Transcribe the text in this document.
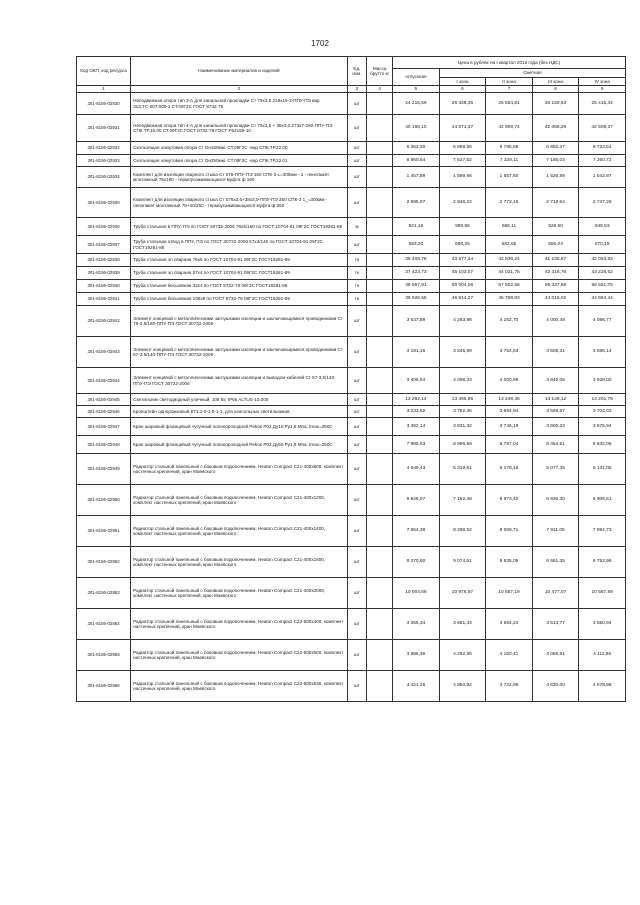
1702
Код ОКП, код ресурса	Наименование материалов и изделий	Ед. изм.	Масса брутто кг	Цена в рублях на I квартал 2016 года (без НДС)				
				отпускная	Сметная			
					I зона	II зона	III зона	IV зона
1	2	3	4	5	6	7	8	9
301-8156-02930	Неподвижная опора тип 3-А для канальной прокладки Ст 76х3,5 219х15-2-ППУ-ПЭ вар 313.ТС-007.000-1 СТ.09Г2С ГОСТ 8732-78	шт		24 215,69	28 348,35	25 654,81	25 150,53	25 415,44
301-8156-02931	Неподвижная опора тип 4-А для канальной прокладки Ст 76х3,5 + 38х3,0 273х7-250-ППУ-ПЭ СПК.ТР.16.00 СТ.09Г2С ГОСТ 8732-78 ГОСТ Р54159-10	шт		40 168,10	44 071,37	42 909,74	42 066,29	42 509,37
301-8156-02932	Скользящая хомутовая опора Ст Dн160мм. СТ.09Г2С -вар СПК.ТР.22.00	шт		6 352,30	6 969,56	6 785,85	6 652,47	6 722,54
301-8156-02933	Скользящая хомутовая опора Ст Dн250мм. СТ.09Г2С -вар СПК.ТР.22.01	шт		6 860,64	7 527,52	7 329,11	7 185,04	7 260,72
301-8156-02934	Комплект для изоляции сварного стыка Ст 076-ППУ-ПЭ 160 СПК-3 L=300мм - 1 - пенопакет монтажный 76х160 - термоусаживающаяся муфта ф 160	шт		1 457,99	1 599,66	1 557,50	1 526,89	1 542,97
301-8156-02935	Комплект для изоляции сварного стыка Ст 076х3,5+38х3,0-ППУ-ПЭ 250 СПК-3 1_=300мм - пенопакет монтажный 76+40/250 - термоусаживающаяся муфта ф 250	шт		2 595,97	2 848,22	2 773,15	2 718,64	2 747,28
301-8156-02936	Труба стальная в ППУ, ПЭ по ГОСТ 30732-2006 76х5/160 по ГОСТ 10704-91 09Г2С ГОСТ19281-89	м		821,16	989,66	966,11	928,50	948,53
301-8156-02937	Труба стальная отвод в ППУ, ПЭ по ГОСТ 30732-2006 57х4/140 по ГОСТ 10704-91 09Г2С ГОСТ19281-89	шт		583,20	690,25	682,65	656,04	670,19
301-8156-02938	Труба стальная эл.сварная 76х5 по ГОСТ 10704-91 09Г2С ГОСТ19281-89	тн		38 408,78	43 577,44	42 836,24	41 105,87	42 053,83
301-8156-02939	Труба стальная эл.сварная 57х4 по ГОСТ 10704-91 09Г2С ГОСТ19281-89	тн		37 423,73	45 103,07	44 031,75	42 316,76	43 228,52
301-8156-02940	Труба стальная бесшовная 32х4 по ГОСТ 8732-78 09Г2С ГОСТ19281-89	тн		48 957,91	59 004,06	57 602,56	55 337,68	56 551,75
301-8156-02941	Труба стальная бесшовная 108х8 по ГОСТ 8732-78 09Г2С ГОСТ19281-89	тн		38 926,55	46 914,27	45 799,83	44 016,02	44 964,44
301-8156-02942	Элемент концевой с металлическими заглушками изоляции и заключающимися проводниками Ст 76-3,5/160-ППУ-ПЭ ГОСТ 30732-2006	шт		3 537,99	4 263,98	4 162,70	4 000,48	4 086,77
301-8156-02943	Элемент концевой с металлическими заглушками изоляции и заключающимися проводниками Ст 57-3,5/140-ППУ-ПЭ ГОСТ 30732-2006	шт		3 191,16	3 845,99	3 754,63	3 608,31	3 686,14
301-8156-02944	Элемент концевой с металлическими заглушками изоляции и выводом кабелей Ст 57-3,5/140-ППУ-ПЭ ГОСТ 30732-2006	шт		3 406,54	4 098,33	4 000,98	3 845,06	3 928,00
301-8156-02945	Светильник светодиодный уличный, 108 Вт, IP65 ALTUS-10.000	шт		12 262,14	13 495,85	13 248,48	13 148,12	13 201,79
301-8156-02946	Кронштейн однорожковый К71.1-0-1,5-1-1, для консольных светильников	шт		3 233,52	3 792,45	3 694,94	3 568,67	3 704,03
301-8156-02947	Кран шаровый фланцевый чугунный полнопроходной Pekos P02 Ду15 Ру1,6 Мпа, tmax=250C	шт		3 392,14	3 831,32	3 746,19	3 600,33	3 675,94
301-8156-02948	Кран шаровый фланцевый чугунный полнопроходной Pekos P02 Ду50 Ру1,6 Мпа, tmax=250C	шт		7 985,63	8 996,59	8 797,04	8 454,51	8 632,06
301-8156-02949	Радиатор стальной панельный с боковым подключением, Heaton Compact C21-400х800, комплект настенных креплений, кран Маевского	шт		4 649,43	5 319,61	5 178,18	5 077,35	5 131,05
301-8156-02950	Радиатор стальной панельный с боковым подключением, Heaton Compact C21-400х1200, комплект настенных креплений, кран Маевского	шт		6 528,07	7 162,48	6 973,40	6 836,30	6 908,61
301-8156-02951	Радиатор стальной панельный с боковым подключением, Heaton Compact C21-400х1400, комплект настенных креплений, кран Маевского	шт		7 554,38	8 288,52	8 069,71	7 911,05	7 994,73
301-8156-02952	Радиатор стальной панельный с боковым подключением, Heaton Compact C21-400х1600, комплект настенных креплений, кран Маевского	шт		8 270,80	9 074,61	8 835,05	8 661,35	8 752,96
301-8156-02953	Радиатор стальной панельный с боковым подключением, Heaton Compact C21-400х2000, комплект настенных креплений, кран Маевского	шт		10 004,69	10 976,97	10 687,19	10 477,07	10 587,89
301-8156-02954	Радиатор стальной панельный с боковым подключением, Heaton Compact C22-500х400, комплект настенных креплений, кран Маевского	шт		3 355,34	3 681,43	3 584,24	3 513,77	3 550,94
301-8156-02955	Радиатор стальной панельный с боковым подключением, Heaton Compact C22-500х500, комплект настенных креплений, кран Маевского	шт		3 885,36	4 262,95	4 150,41	4 068,81	4 111,85
301-8156-02956	Радиатор стальной панельный с боковым подключением, Heaton Compact C22-500х530, комплект настенных креплений, кран Маевского	шт		4 421,25	4 850,92	4 722,86	4 630,00	4 678,98
